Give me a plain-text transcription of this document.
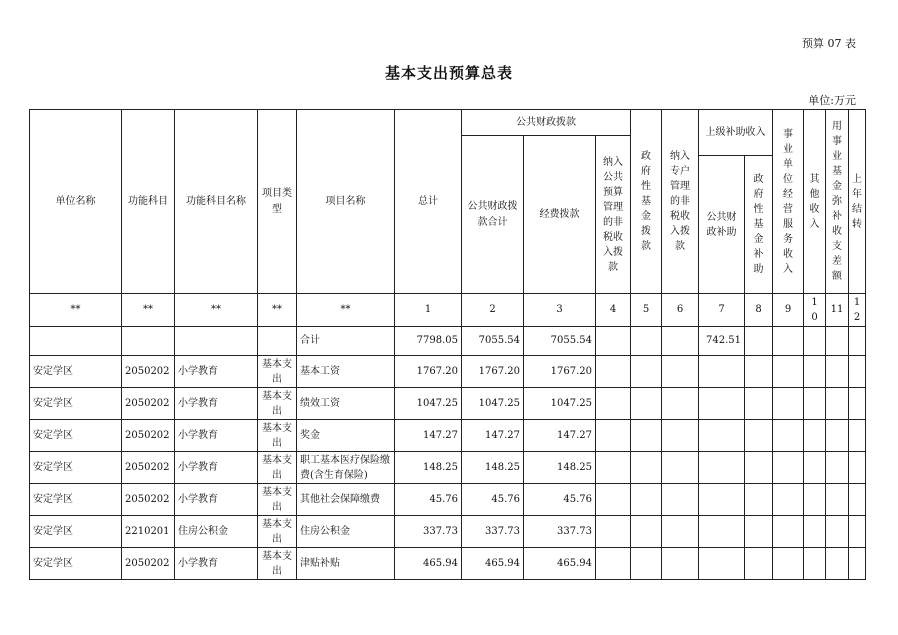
预算 07 表
基本支出预算总表
单位:万元
单位名称	功能科目	功能科目名称	项目类型	项目名称	总计	公共财政拨款			政府性基金拨款	纳入专户管理的非税收入拨款	上级补助收入		事业单位经营服务收入	其他收入	用事业基金弥补收支差额	上年结转

						公共财政拨款合计	经费拨款	纳入公共预算管理的非税收入拨款								

											公共财政补助	政府性基金补助				

**	**	**	**	**	1	2	3	4	5	6	7	8	9	10	11	12

				合计	7798.05	7055.54	7055.54				742.51					
安定学区	2050202	小学教育	基本支出	基本工资	1767.20	1767.20	1767.20									
安定学区	2050202	小学教育	基本支出	绩效工资	1047.25	1047.25	1047.25									
安定学区	2050202	小学教育	基本支出	奖金	147.27	147.27	147.27									
安定学区	2050202	小学教育	基本支出	职工基本医疗保险缴费(含生育保险)	148.25	148.25	148.25									
安定学区	2050202	小学教育	基本支出	其他社会保障缴费	45.76	45.76	45.76									
安定学区	2210201	住房公积金	基本支出	住房公积金	337.73	337.73	337.73									
安定学区	2050202	小学教育	基本支出	津贴补贴	465.94	465.94	465.94									
